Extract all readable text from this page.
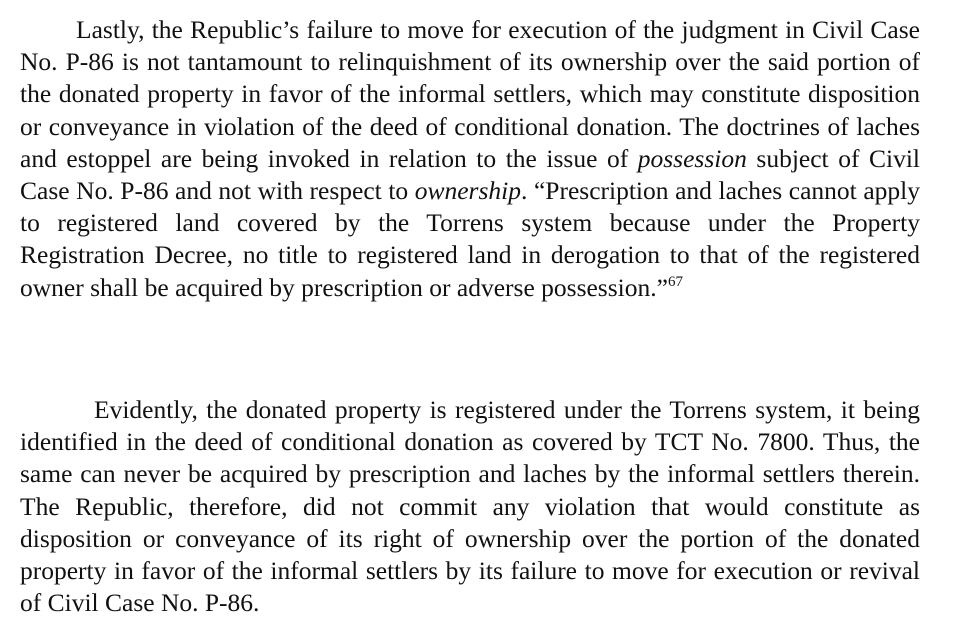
Lastly, the Republic’s failure to move for execution of the judgment in Civil Case No. P-86 is not tantamount to relinquishment of its ownership over the said portion of the donated property in favor of the informal settlers, which may constitute disposition or conveyance in violation of the deed of conditional donation. The doctrines of laches and estoppel are being invoked in relation to the issue of possession subject of Civil Case No. P-86 and not with respect to ownership. “Prescription and laches cannot apply to registered land covered by the Torrens system because under the Property Registration Decree, no title to registered land in derogation to that of the registered owner shall be acquired by prescription or adverse possession.”$^{67}$

Evidently, the donated property is registered under the Torrens system, it being identified in the deed of conditional donation as covered by TCT No. 7800. Thus, the same can never be acquired by prescription and laches by the informal settlers therein. The Republic, therefore, did not commit any violation that would constitute as disposition or conveyance of its right of ownership over the portion of the donated property in favor of the informal settlers by its failure to move for execution or revival of Civil Case No. P-86.
